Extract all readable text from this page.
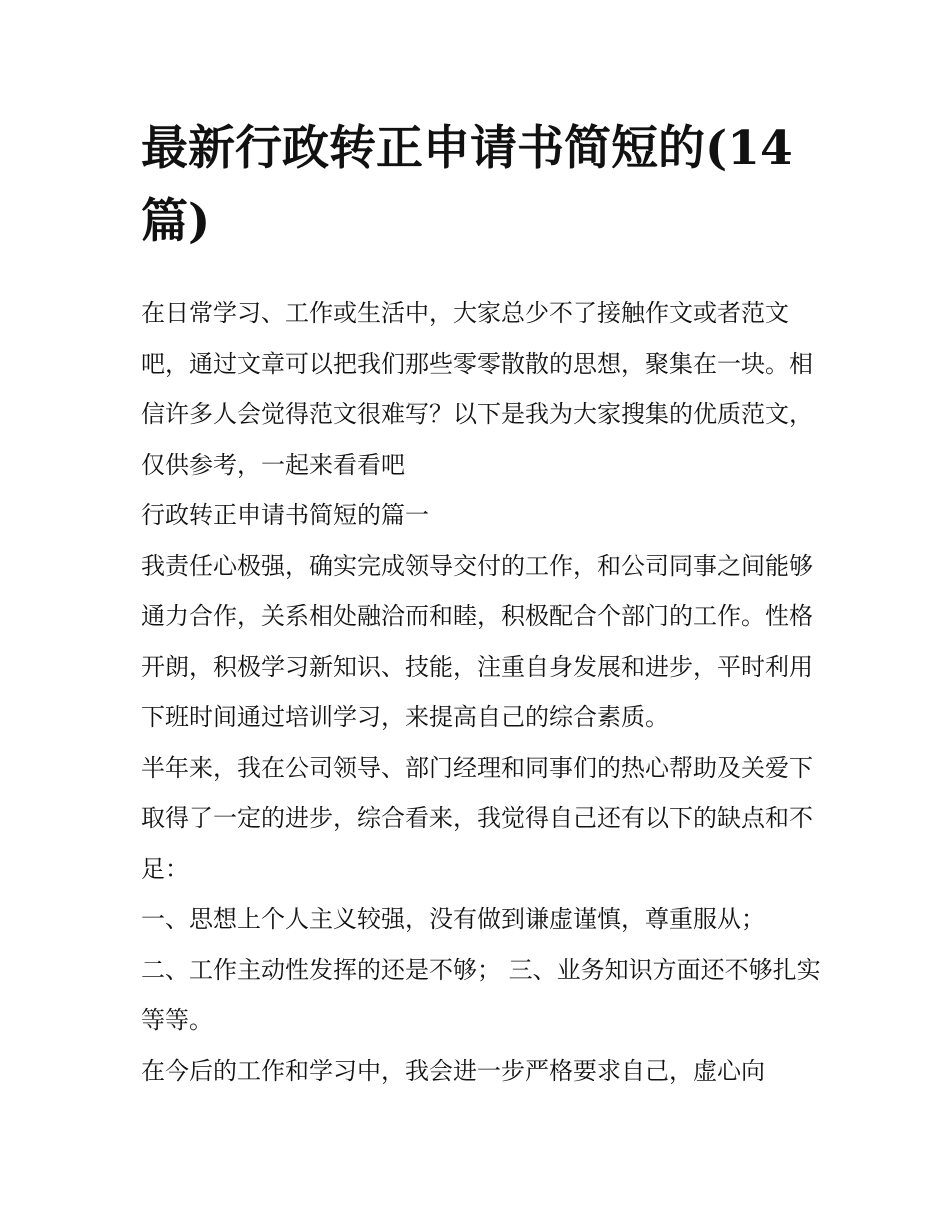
最新行政转正申请书简短的(14篇)

在日常学习、工作或生活中，大家总少不了接触作文或者范文吧，通过文章可以把我们那些零零散散的思想，聚集在一块。相信许多人会觉得范文很难写？以下是我为大家搜集的优质范文，仅供参考，一起来看看吧

行政转正申请书简短的篇一

我责任心极强，确实完成领导交付的工作，和公司同事之间能够通力合作，关系相处融洽而和睦，积极配合个部门的工作。性格开朗，积极学习新知识、技能，注重自身发展和进步，平时利用下班时间通过培训学习，来提高自己的综合素质。

半年来，我在公司领导、部门经理和同事们的热心帮助及关爱下取得了一定的进步，综合看来，我觉得自己还有以下的缺点和不足：

一、思想上个人主义较强，没有做到谦虚谨慎，尊重服从；

二、工作主动性发挥的还是不够； 三、业务知识方面还不够扎实等等。

在今后的工作和学习中，我会进一步严格要求自己，虚心向
